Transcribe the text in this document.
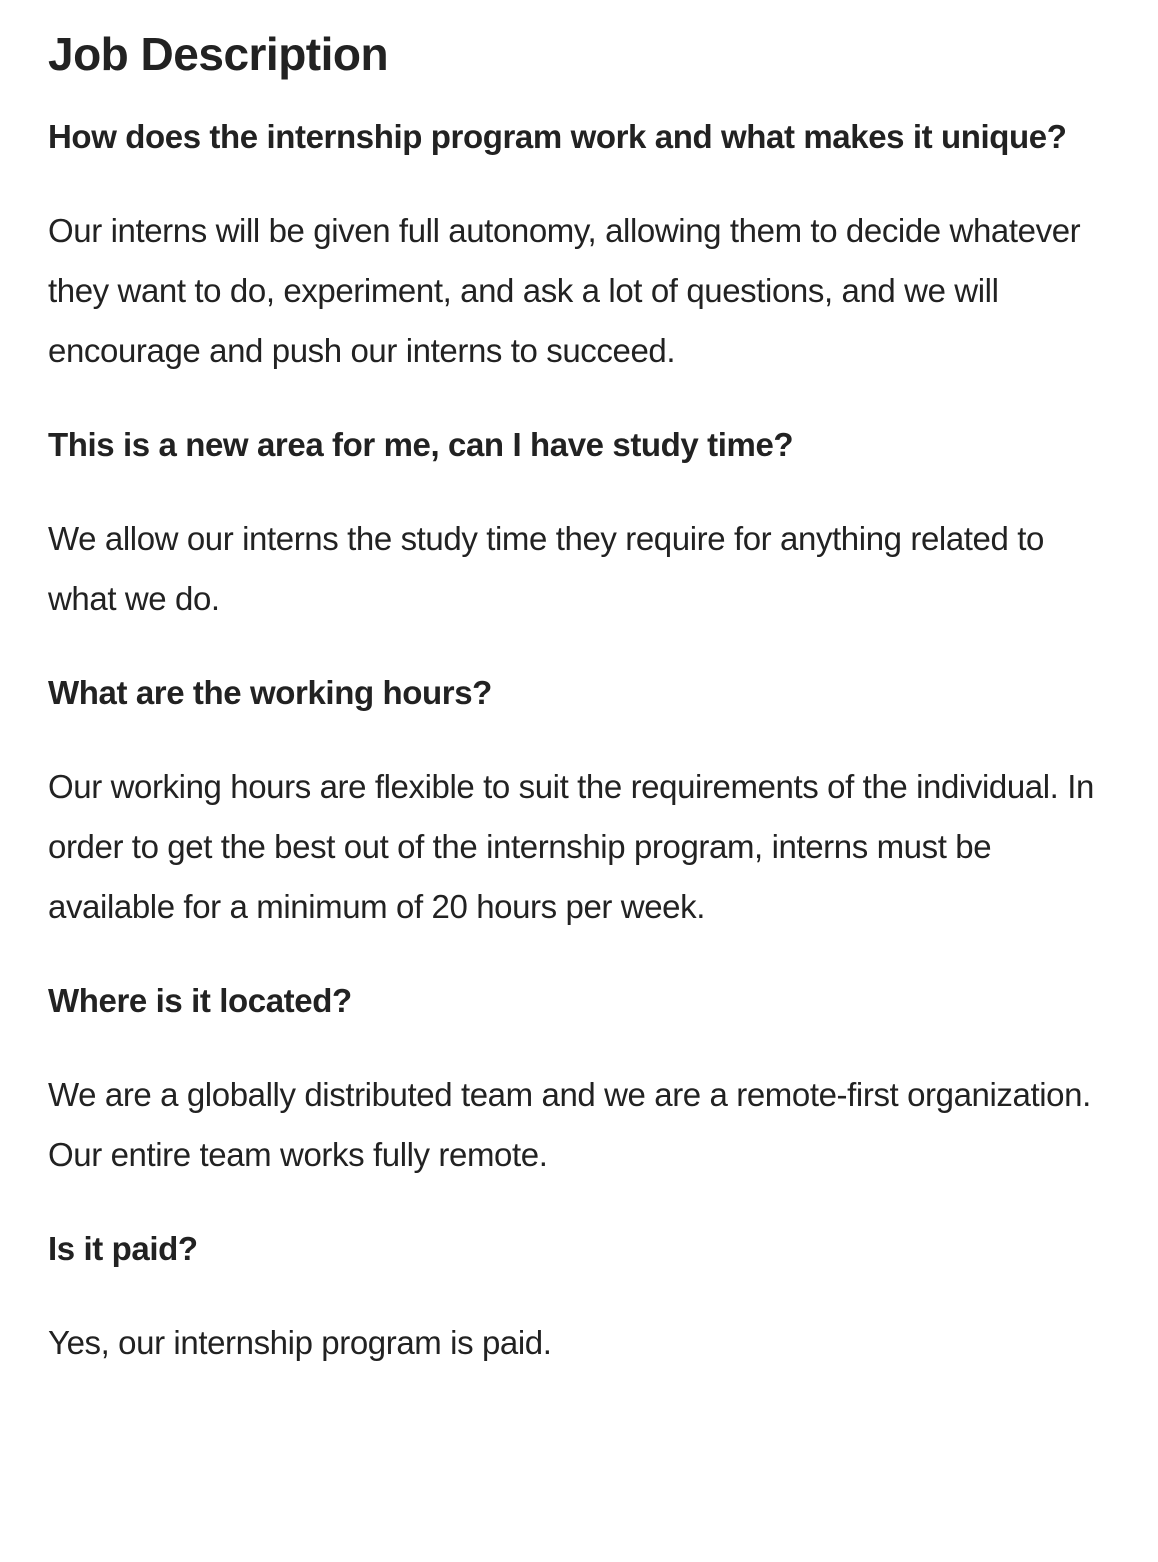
Job Description

How does the internship program work and what makes it unique?

Our interns will be given full autonomy, allowing them to decide whatever they want to do, experiment, and ask a lot of questions, and we will encourage and push our interns to succeed.

This is a new area for me, can I have study time?

We allow our interns the study time they require for anything related to what we do.

What are the working hours?

Our working hours are flexible to suit the requirements of the individual. In order to get the best out of the internship program, interns must be available for a minimum of 20 hours per week.

Where is it located?

We are a globally distributed team and we are a remote-first organization. Our entire team works fully remote.

Is it paid?

Yes, our internship program is paid.
